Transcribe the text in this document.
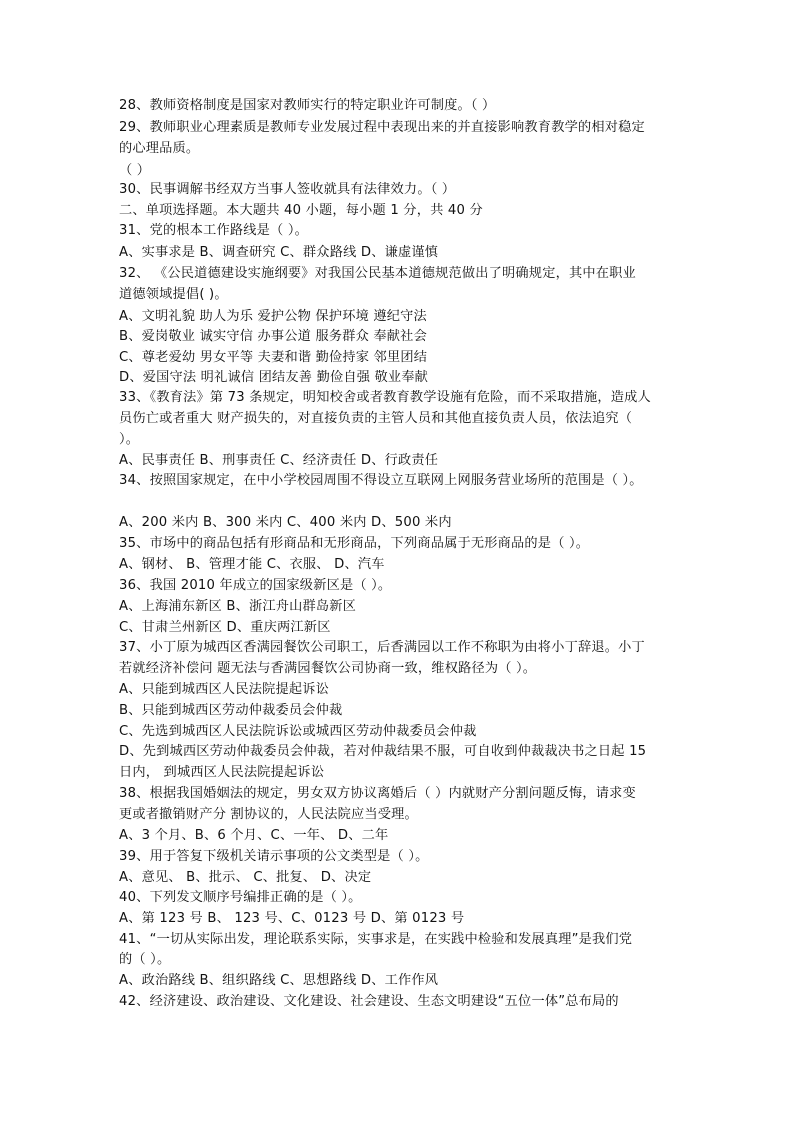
28、教师资格制度是国家对教师实行的特定职业许可制度。（ ）
29、教师职业心理素质是教师专业发展过程中表现出来的并直接影响教育教学的相对稳定
的心理品质。
（ ）
30、民事调解书经双方当事人签收就具有法律效力。（ ）
二、单项选择题。本大题共 40 小题，每小题 1 分，共 40 分
31、党的根本工作路线是（ ）。
A、实事求是 B、调查研究 C、群众路线 D、谦虚谨慎
32、 《公民道德建设实施纲要》对我国公民基本道德规范做出了明确规定，其中在职业
道德领域提倡( )。
A、文明礼貌 助人为乐 爱护公物 保护环境 遵纪守法
B、爱岗敬业 诚实守信 办事公道 服务群众 奉献社会
C、尊老爱幼 男女平等 夫妻和谐 勤俭持家 邻里团结
D、爱国守法 明礼诚信 团结友善 勤俭自强 敬业奉献
33、《教育法》第 73 条规定，明知校舍或者教育教学设施有危险，而不采取措施，造成人
员伤亡或者重大 财产损失的，对直接负责的主管人员和其他直接负责人员，依法追究（
）。
A、民事责任 B、刑事责任 C、经济责任 D、行政责任
34、按照国家规定，在中小学校园周围不得设立互联网上网服务营业场所的范围是（ ）。
A、200 米内 B、300 米内 C、400 米内 D、500 米内
35、市场中的商品包括有形商品和无形商品，下列商品属于无形商品的是（ ）。
A、钢材、 B、管理才能 C、衣服、 D、汽车
36、我国 2010 年成立的国家级新区是（ ）。
A、上海浦东新区 B、浙江舟山群岛新区
C、甘肃兰州新区 D、重庆两江新区
37、小丁原为城西区香满园餐饮公司职工，后香满园以工作不称职为由将小丁辞退。小丁
若就经济补偿问 题无法与香满园餐饮公司协商一致，维权路径为（ ）。
A、只能到城西区人民法院提起诉讼
B、只能到城西区劳动仲裁委员会仲裁
C、先选到城西区人民法院诉讼或城西区劳动仲裁委员会仲裁
D、先到城西区劳动仲裁委员会仲裁，若对仲裁结果不服，可自收到仲裁裁决书之日起 15
日内， 到城西区人民法院提起诉讼
38、根据我国婚姻法的规定，男女双方协议离婚后（ ）内就财产分割问题反悔，请求变
更或者撤销财产分 割协议的，人民法院应当受理。
A、3 个月、B、6 个月、C、一年、 D、二年
39、用于答复下级机关请示事项的公文类型是（ ）。
A、意见、 B、批示、 C、批复、 D、决定
40、下列发文顺序号编排正确的是（ ）。
A、第 123 号 B、 123 号、C、0123 号 D、第 0123 号
41、“一切从实际出发，理论联系实际，实事求是，在实践中检验和发展真理”是我们党
的（ ）。
A、政治路线 B、组织路线 C、思想路线 D、工作作风
42、经济建设、政治建设、文化建设、社会建设、生态文明建设“五位一体”总布局的
